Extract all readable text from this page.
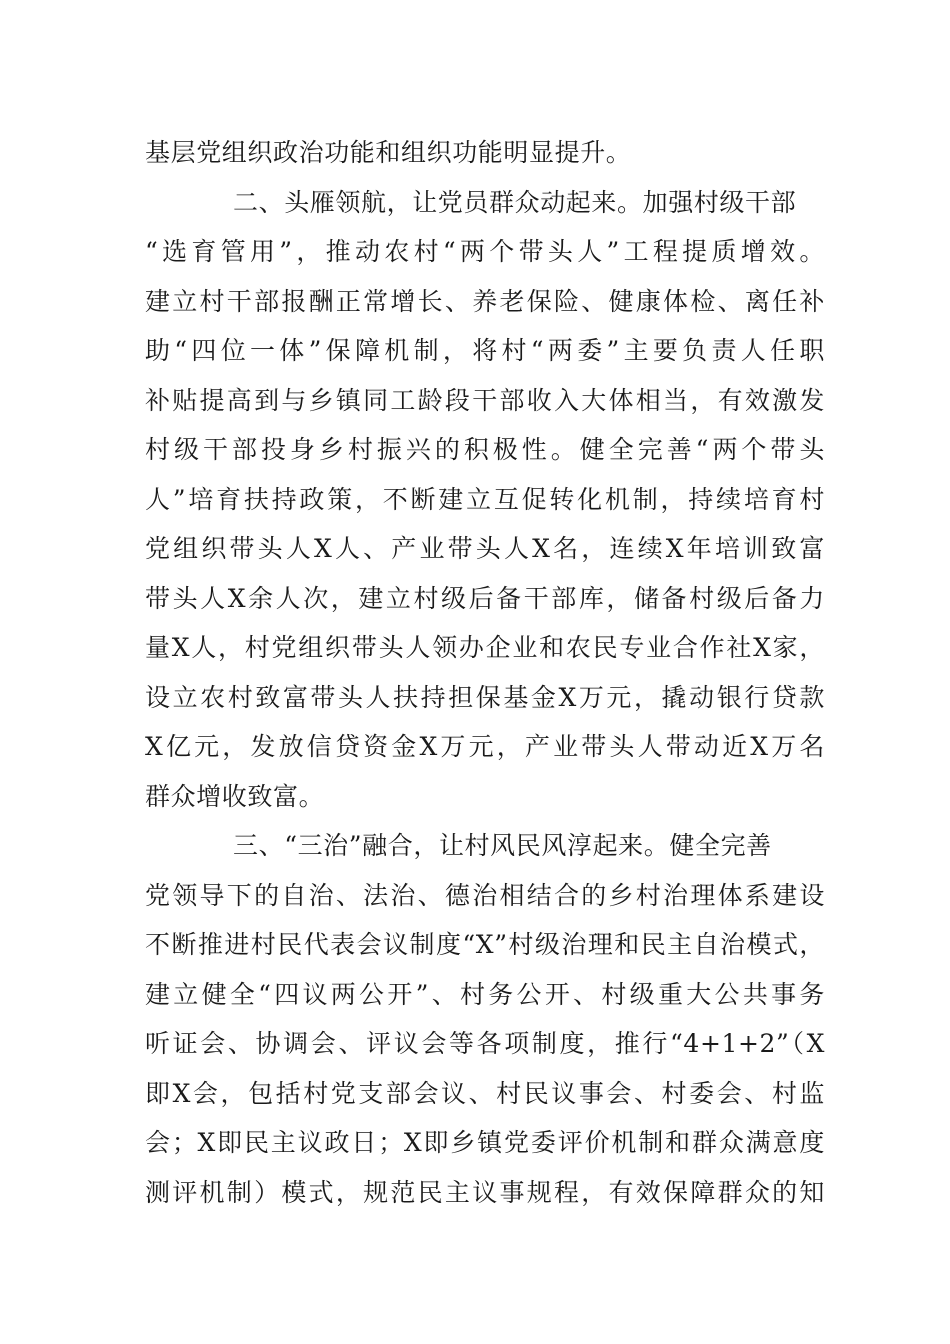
基层党组织政治功能和组织功能明显提升。
二、头雁领航，让党员群众动起来。加强村级干部
“选育管用”，推动农村“两个带头人”工程提质增效。
建立村干部报酬正常增长、养老保险、健康体检、离任补
助“四位一体”保障机制，将村“两委”主要负责人任职
补贴提高到与乡镇同工龄段干部收入大体相当，有效激发
村级干部投身乡村振兴的积极性。健全完善“两个带头
人”培育扶持政策，不断建立互促转化机制，持续培育村
党组织带头人X人、产业带头人X名，连续X年培训致富
带头人X余人次，建立村级后备干部库，储备村级后备力
量X人，村党组织带头人领办企业和农民专业合作社X家，
设立农村致富带头人扶持担保基金X万元，撬动银行贷款
X亿元，发放信贷资金X万元，产业带头人带动近X万名
群众增收致富。
三、“三治”融合，让村风民风淳起来。健全完善
党领导下的自治、法治、德治相结合的乡村治理体系建设
不断推进村民代表会议制度“X”村级治理和民主自治模式，
建立健全“四议两公开”、村务公开、村级重大公共事务
听证会、协调会、评议会等各项制度，推行“4+1+2”（X
即X会，包括村党支部会议、村民议事会、村委会、村监
会；X即民主议政日；X即乡镇党委评价机制和群众满意度
测评机制）模式，规范民主议事规程，有效保障群众的知
